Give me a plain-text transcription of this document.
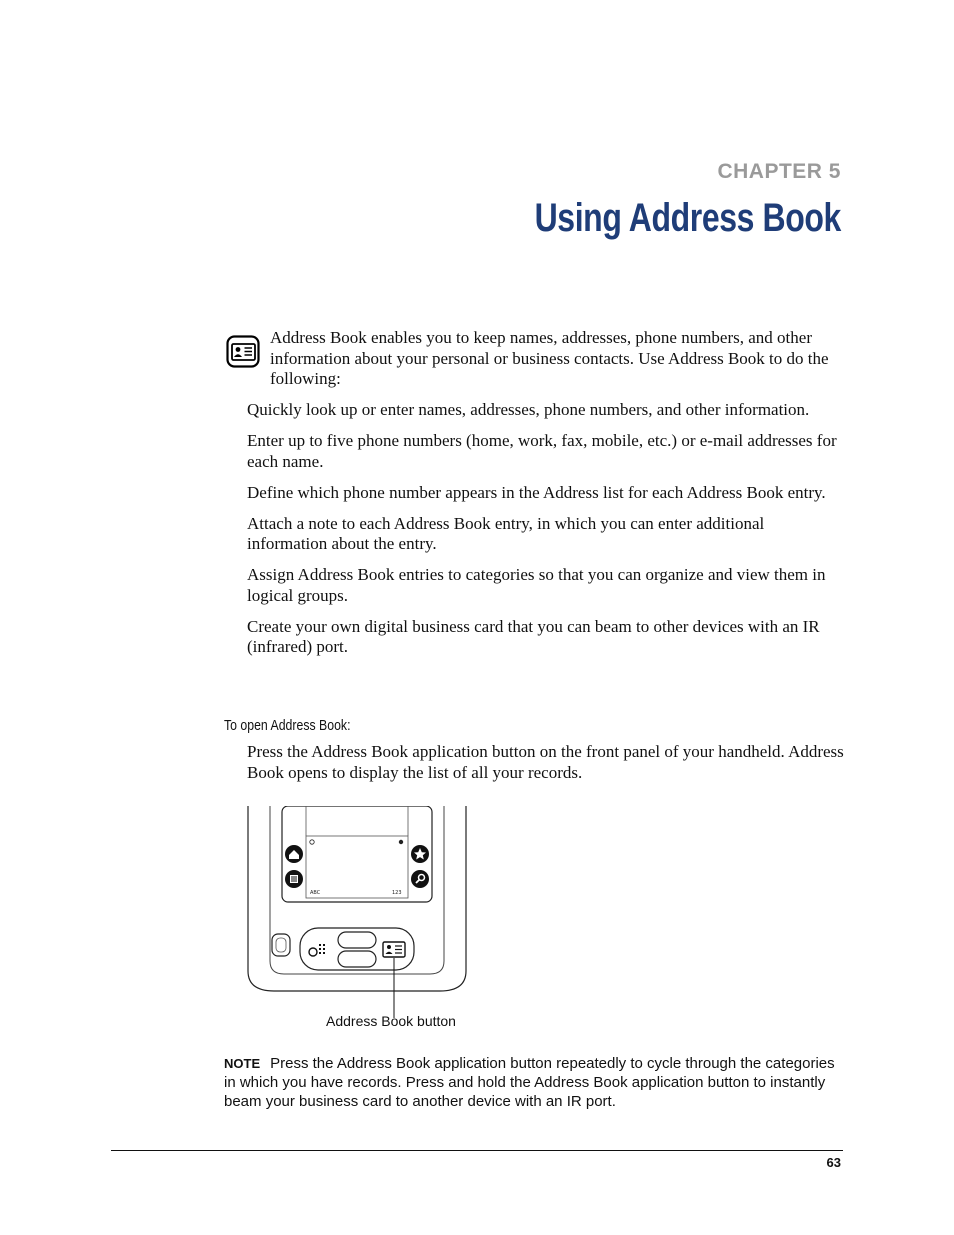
CHAPTER 5
Using Address Book
Address Book enables you to keep names, addresses, phone numbers, and other information about your personal or business contacts. Use Address Book to do the following:

Quickly look up or enter names, addresses, phone numbers, and other information.

Enter up to five phone numbers (home, work, fax, mobile, etc.) or e-mail addresses for each name.

Define which phone number appears in the Address list for each Address Book entry.

Attach a note to each Address Book entry, in which you can enter additional information about the entry.

Assign Address Book entries to categories so that you can organize and view them in logical groups.

Create your own digital business card that you can beam to other devices with an IR (infrared) port.

To open Address Book:
Press the Address Book application button on the front panel of your handheld. Address Book opens to display the list of all your records.
ABC	123
Address Book button
NOTE Press the Address Book application button repeatedly to cycle through the categories in which you have records. Press and hold the Address Book application button to instantly beam your business card to another device with an IR port.
63
